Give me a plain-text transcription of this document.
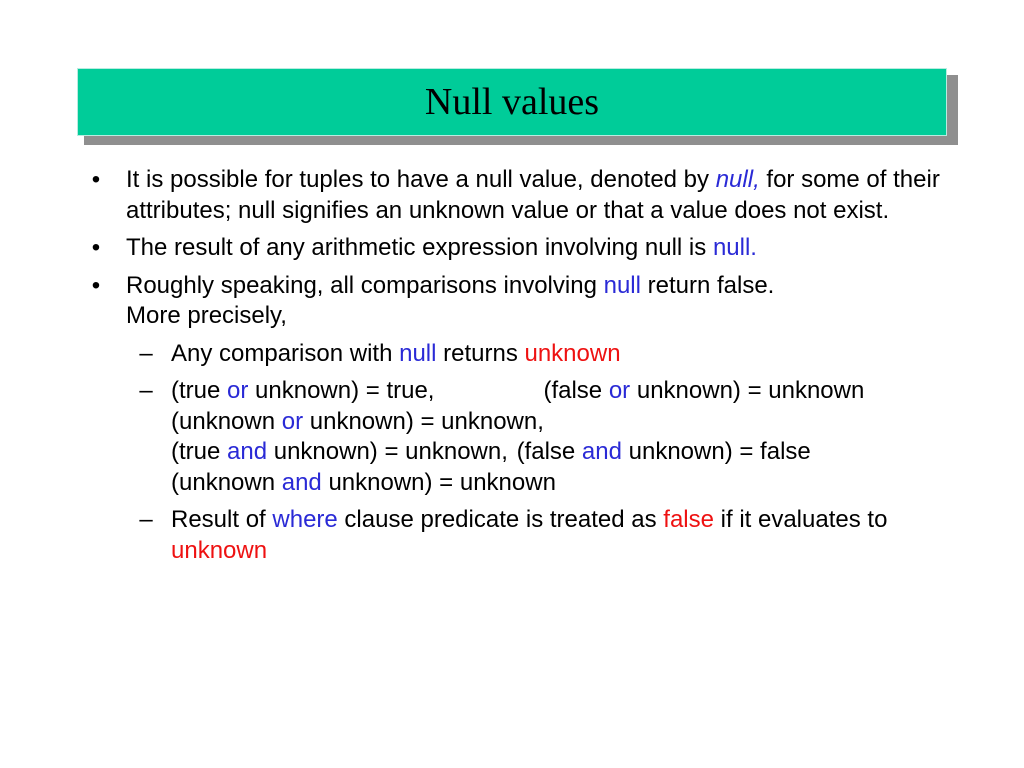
Null values
• It is possible for tuples to have a null value, denoted by null, for some of their attributes; null signifies an unknown value or that a value does not exist.
• The result of any arithmetic expression involving null is null.
• Roughly speaking, all comparisons involving null return false.
More precisely,
– Any comparison with null returns unknown
– (true or unknown) = true,	(false or unknown) = unknown
(unknown or unknown) = unknown,
(true and unknown) = unknown, (false and unknown) = false
(unknown and unknown) = unknown
– Result of where clause predicate is treated as false if it evaluates to unknown
